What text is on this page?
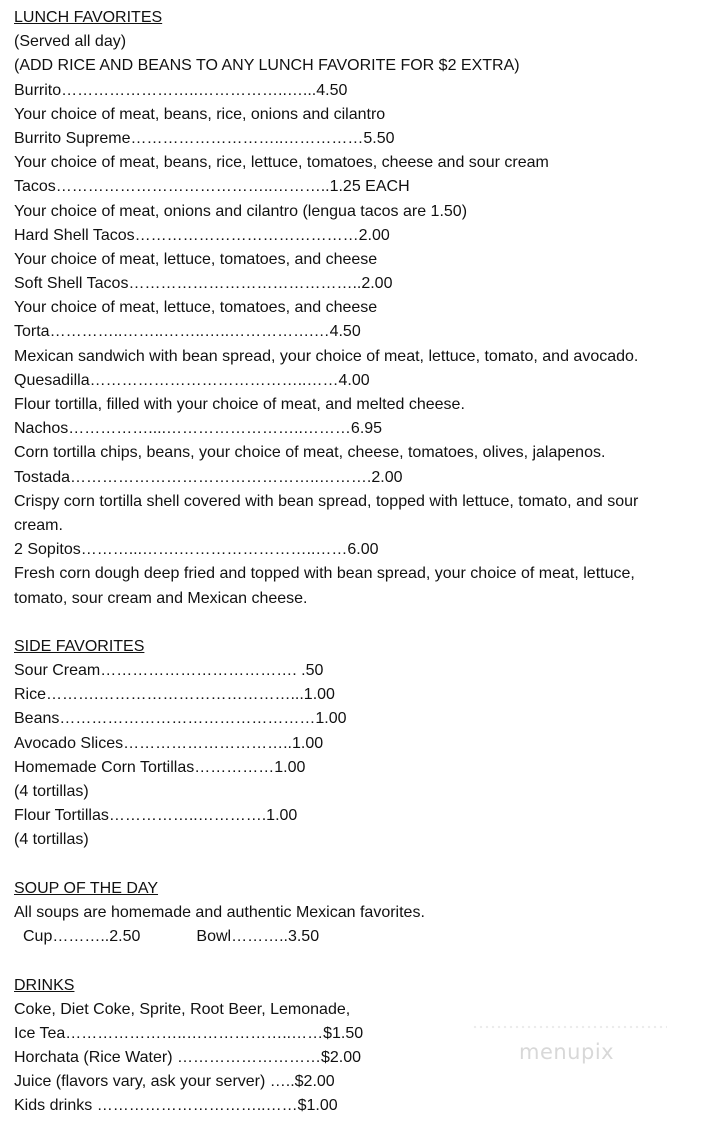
LUNCH FAVORITES
(Served all day)
(ADD RICE AND BEANS TO ANY LUNCH FAVORITE FOR $2 EXTRA)
Burrito……………………..……………..…...4.50
Your choice of meat, beans, rice, onions and cilantro
Burrito Supreme………………………..……………5.50
Your choice of meat, beans, rice, lettuce, tomatoes, cheese and sour cream
Tacos…………………………………..………..1.25 EACH
Your choice of meat, onions and cilantro (lengua tacos are 1.50)
Hard Shell Tacos……………………………………2.00
Your choice of meat, lettuce, tomatoes, and cheese
Soft Shell Tacos……………………………………..2.00
Your choice of meat, lettuce, tomatoes, and cheese
Torta…………..……..……..…..…………….…4.50
Mexican sandwich with bean spread, your choice of meat, lettuce, tomato, and avocado.
Quesadilla…………………………………..……4.00
Flour tortilla, filled with your choice of meat, and melted cheese.
Nachos……………....……………………..………6.95
Corn tortilla chips, beans, your choice of meat, cheese, tomatoes, olives, jalapenos.
Tostada………………………………………..……….2.00
Crispy corn tortilla shell covered with bean spread, topped with lettuce, tomato, and sour
cream.
2 Sopitos………...…….……………………..……6.00
Fresh corn dough deep fried and topped with bean spread, your choice of meat, lettuce,
tomato, sour cream and Mexican cheese.
SIDE FAVORITES
Sour Cream………………………………. .50
Rice……….………………………………...1.00
Beans…………………………………………1.00
Avocado Slices…………………………..1.00
Homemade Corn Tortillas……………1.00
(4 tortillas)
Flour Tortillas……………..………….1.00
(4 tortillas)
SOUP OF THE DAY
All soups are homemade and authentic Mexican favorites.
Cup………..2.50	Bowl………..3.50
DRINKS
Coke, Diet Coke, Sprite, Root Beer, Lemonade,
Ice Tea…………………..………………..……$1.50
Horchata (Rice Water) ………………………$2.00
Juice (flavors vary, ask your server) …..$2.00
Kids drinks …………………………..……$1.00
menupix
